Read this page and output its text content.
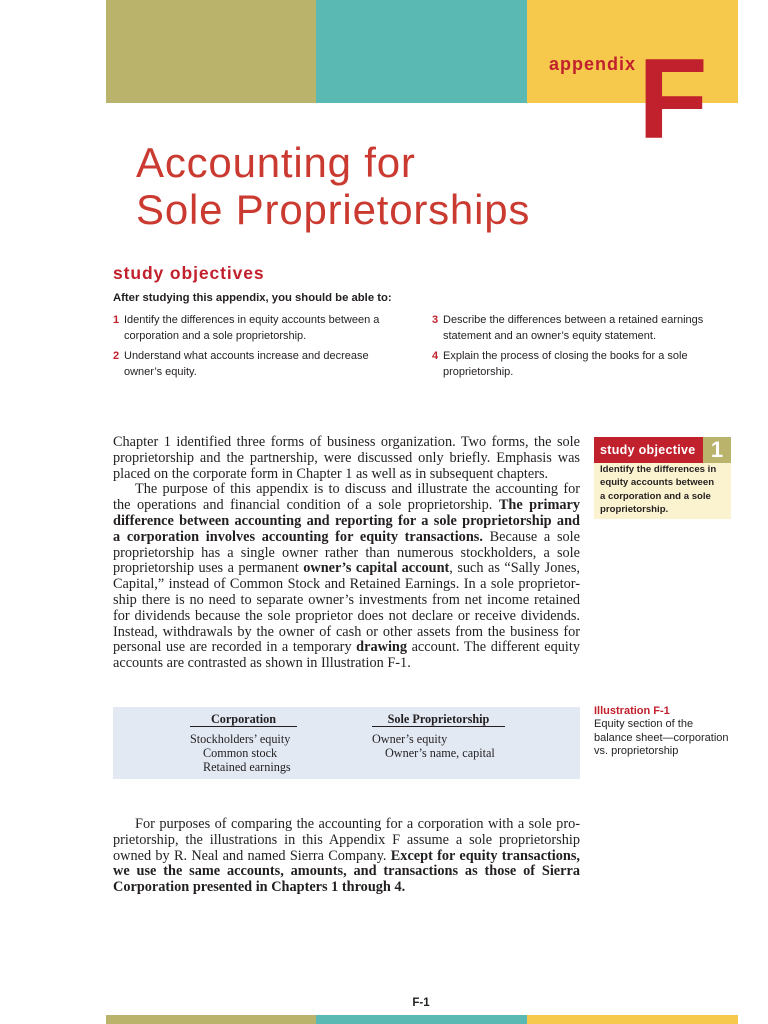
appendix F
Accounting for
Sole Proprietorships
study objectives
After studying this appendix, you should be able to:
1 Identify the differences in equity accounts between a
corporation and a sole proprietorship.
2 Understand what accounts increase and decrease
owner’s equity.
3 Describe the differences between a retained earnings
statement and an owner’s equity statement.
4 Explain the process of closing the books for a sole
proprietorship.
Chapter 1 identified three forms of business organization. Two forms, the sole
proprietorship and the partnership, were discussed only briefly. Emphasis was
placed on the corporate form in Chapter 1 as well as in subsequent chapters.
The purpose of this appendix is to discuss and illustrate the accounting for
the operations and financial condition of a sole proprietorship. The primary
difference between accounting and reporting for a sole proprietorship and
a corporation involves accounting for equity transactions. Because a sole
proprietorship has a single owner rather than numerous stockholders, a sole
proprietorship uses a permanent owner’s capital account, such as “Sally Jones,
Capital,” instead of Common Stock and Retained Earnings. In a sole proprietor-
ship there is no need to separate owner’s investments from net income retained
for dividends because the sole proprietor does not declare or receive dividends.
Instead, withdrawals by the owner of cash or other assets from the business for
personal use are recorded in a temporary drawing account. The different equity
accounts are contrasted as shown in Illustration F-1.
study objective 1
Identify the differences in
equity accounts between
a corporation and a sole
proprietorship.
Corporation
Stockholders’ equity
Common stock
Retained earnings
Sole Proprietorship
Owner’s equity
Owner’s name, capital
Illustration F-1
Equity section of the
balance sheet—corporation
vs. proprietorship
For purposes of comparing the accounting for a corporation with a sole pro-
prietorship, the illustrations in this Appendix F assume a sole proprietorship
owned by R. Neal and named Sierra Company. Except for equity transactions,
we use the same accounts, amounts, and transactions as those of Sierra
Corporation presented in Chapters 1 through 4.
F-1
